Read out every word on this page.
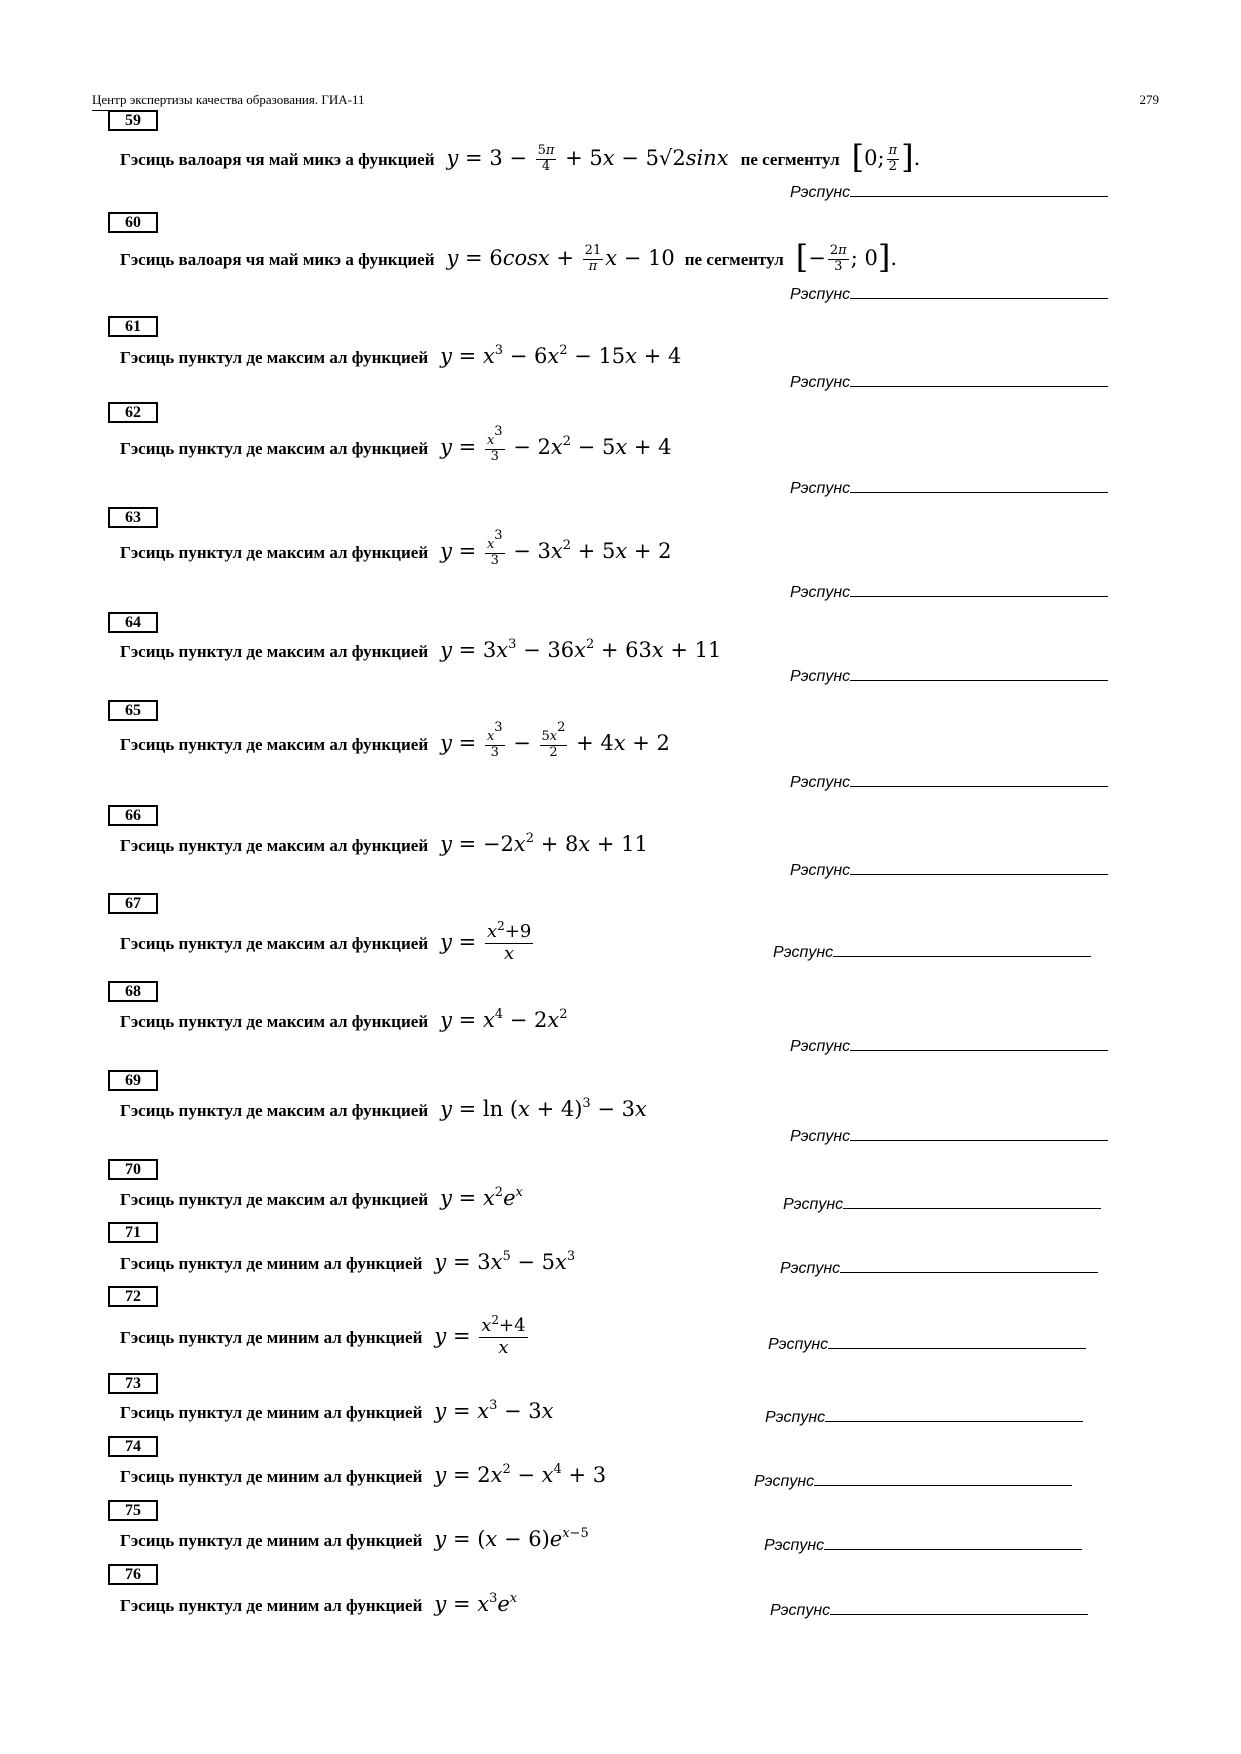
Центр экспертизы качества образования. ГИА-11	279
59
Гэсиць валоаря чя май микэ а функцией $y = 3 - \frac{5\pi}{4} + 5x - 5√2\sin x$ пе сегментул [0; $\frac{\pi}{2}$ ].
Рэспунс
60
Гэсиць валоаря чя май микэ а функцией $y = 6\cos x + \frac{21}{\pi}$ x − 10 пе сегментул [− $\frac{2\pi}{3}$ ; 0].
Рэспунс
61
Гэсиць пунктул де максим ал функцией $y = x^3 - 6x^2 - 15x + 4$
Рэспунс
62
Гэсиць пунктул де максим ал функцией $y = \frac{x^3}{3} - 2x^2 - 5x + 4$
Рэспунс
63
Гэсиць пунктул де максим ал функцией $y = \frac{x^3}{3} - 3x^2 + 5x + 2$
Рэспунс
64
Гэсиць пунктул де максим ал функцией $y = 3x^3 - 36x^2 + 63x + 11$
Рэспунс
65
Гэсиць пунктул де максим ал функцией $y = \frac{x^3}{3} - \frac{5x^2}{2} + 4x + 2$
Рэспунс
66
Гэсиць пунктул де максим ал функцией $y = -2x^2 + 8x + 11$
Рэспунс
67
Гэсиць пунктул де максим ал функцией $y = \frac{x^2+9}{x}$	Рэспунс
68
Гэсиць пунктул де максим ал функцией $y = x^4 - 2x^2$
Рэспунс
69
Гэсиць пунктул де максим ал функцией $y = \ln (x + 4)^3 - 3x$
Рэспунс
70
Гэсиць пунктул де максим ал функцией $y = x^2e^x$
Рэспунс
71
Гэсиць пунктул де миним ал функцией $y = 3x^5 - 5x^3$
Рэспунс
72
Гэсиць пунктул де миним ал функцией $y = \frac{x^2+4}{x}$	Рэспунс
73
Гэсиць пунктул де миним ал функцией $y = x^3 - 3x$	Рэспунс
74
Гэсиць пунктул де миним ал функцией $y = 2x^2 - x^4 + 3$	Рэспунс
75
Гэсиць пунктул де миним ал функцией $y = (x - 6)e^{x-5}$
Рэспунс
76
Гэсиць пунктул де миним ал функцией $y = x^3e^x$
Рэспунс
